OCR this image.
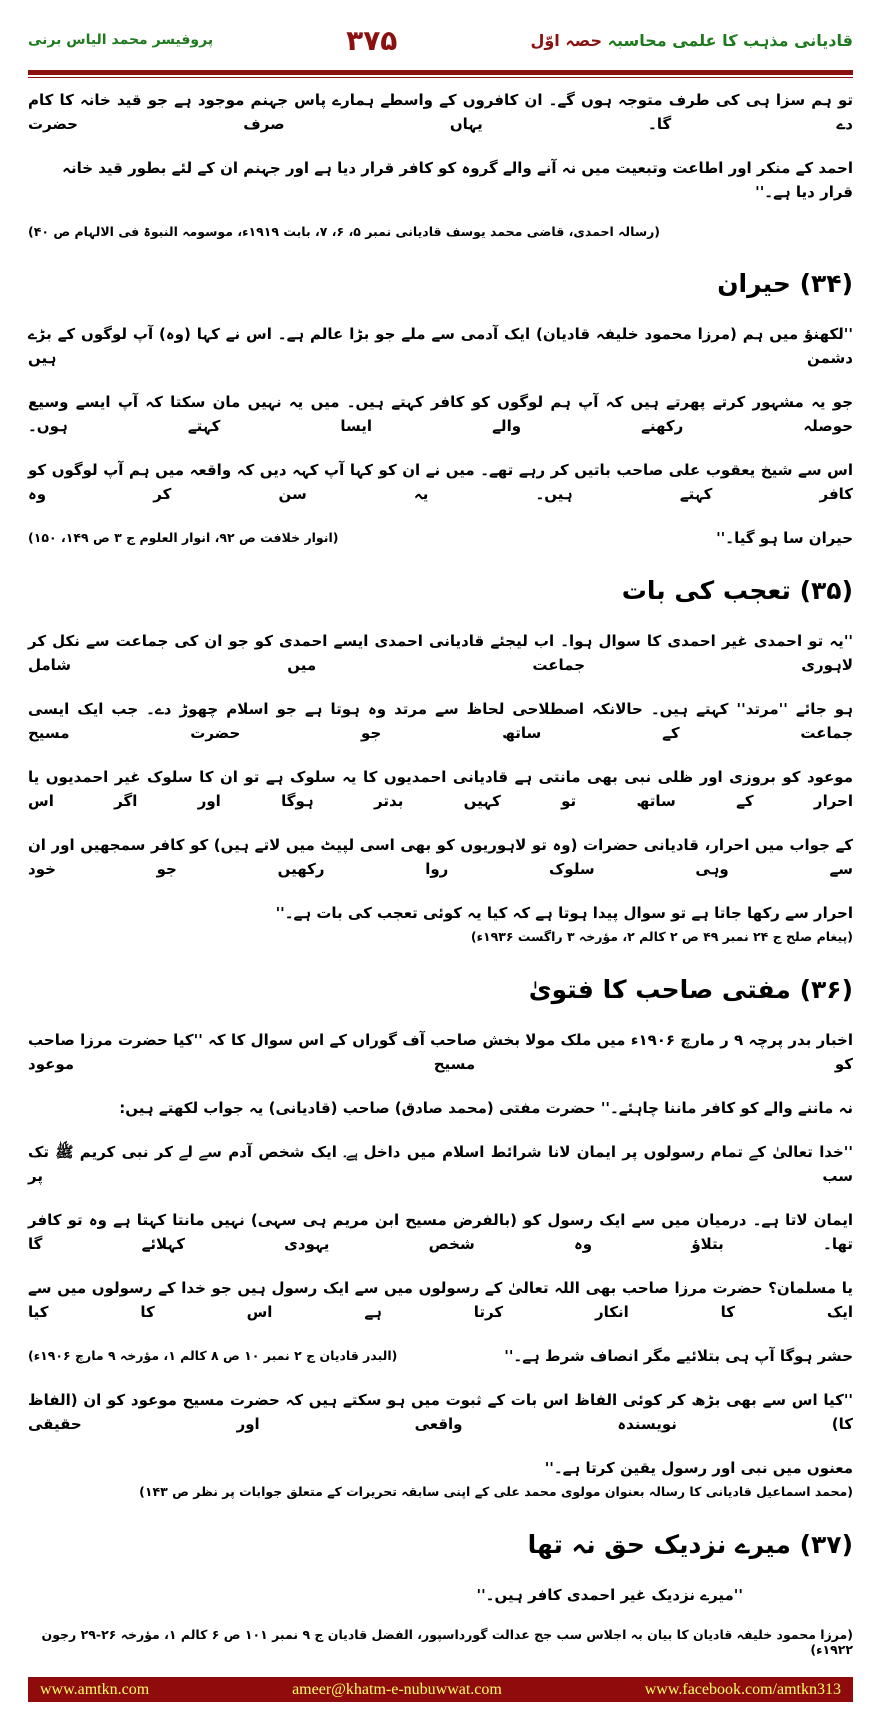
قادیانی مذہب کا علمی محاسبہ حصہ اوّل
۳۷۵
پروفیسر محمد الیاس برنی
تو ہم سزا ہی کی طرف متوجہ ہوں گے۔ ان کافروں کے واسطے ہمارے پاس جہنم موجود ہے جو قید خانہ کا کام دے گا۔ یہاں صرف حضرت
احمد کے منکر اور اطاعت وتبعیت میں نہ آنے والے گروہ کو کافر قرار دیا ہے اور جہنم ان کے لئے بطور قید خانہ قرار دیا ہے۔''
(رسالہ احمدی، قاضی محمد یوسف قادیانی نمبر ۵، ۶، ۷، بابت ۱۹۱۹ء، موسومہ النبوۃ فی الالہام ص ۴۰)
(۳۴) حیران
''لکھنؤ میں ہم (مرزا محمود خلیفہ قادیان) ایک آدمی سے ملے جو بڑا عالم ہے۔ اس نے کہا (وہ) آپ لوگوں کے بڑے دشمن ہیں
جو یہ مشہور کرتے پھرتے ہیں کہ آپ ہم لوگوں کو کافر کہتے ہیں۔ میں یہ نہیں مان سکتا کہ آپ ایسے وسیع حوصلہ رکھنے والے ایسا کہتے ہوں۔
اس سے شیخ یعقوب علی صاحب باتیں کر رہے تھے۔ میں نے ان کو کہا آپ کہہ دیں کہ واقعہ میں ہم آپ لوگوں کو کافر کہتے ہیں۔ یہ سن کر وہ
حیران سا ہو گیا۔''
(انوار خلافت ص ۹۲، انوار العلوم ج ۳ ص ۱۴۹، ۱۵۰)
(۳۵) تعجب کی بات
''یہ تو احمدی غیر احمدی کا سوال ہوا۔ اب لیجئے قادیانی احمدی ایسے احمدی کو جو ان کی جماعت سے نکل کر لاہوری جماعت میں شامل
ہو جائے ''مرتد'' کہتے ہیں۔ حالانکہ اصطلاحی لحاظ سے مرتد وہ ہوتا ہے جو اسلام چھوڑ دے۔ جب ایک ایسی جماعت کے ساتھ جو حضرت مسیح
موعود کو بروزی اور ظلی نبی بھی مانتی ہے قادیانی احمدیوں کا یہ سلوک ہے تو ان کا سلوک غیر احمدیوں یا احرار کے ساتھ تو کہیں بدتر ہوگا اور اگر اس
کے جواب میں احرار، قادیانی حضرات (وہ تو لاہوریوں کو بھی اسی لپیٹ میں لاتے ہیں) کو کافر سمجھیں اور ان سے وہی سلوک روا رکھیں جو خود
احرار سے رکھا جاتا ہے تو سوال پیدا ہوتا ہے کہ کیا یہ کوئی تعجب کی بات ہے۔''
(پیغام صلح ج ۲۴ نمبر ۴۹ ص ۲ کالم ۲، مؤرخہ ۳ راگست ۱۹۳۶ء)
(۳۶) مفتی صاحب کا فتویٰ
اخبار بدر پرچہ ۹ ر مارچ ۱۹۰۶ء میں ملک مولا بخش صاحب آف گوراں کے اس سوال کا کہ ''کیا حضرت مرزا صاحب کو مسیح موعود
نہ ماننے والے کو کافر ماننا چاہئے۔'' حضرت مفتی (محمد صادق) صاحب (قادیانی) یہ جواب لکھتے ہیں:
''خدا تعالیٰ کے تمام رسولوں پر ایمان لانا شرائط اسلام میں داخل ہے۔ ایک شخص آدم سے لے کر نبی کریم ﷺ تک سب پر
ایمان لاتا ہے۔ درمیان میں سے ایک رسول کو (بالفرض مسیح ابن مریم ہی سہی) نہیں مانتا کہتا ہے وہ تو کافر تھا۔ بتلاؤ وہ شخص یہودی کہلائے گا
یا مسلمان؟ حضرت مرزا صاحب بھی اللہ تعالیٰ کے رسولوں میں سے ایک رسول ہیں جو خدا کے رسولوں میں سے ایک کا انکار کرتا ہے اس کا کیا
حشر ہوگا آپ ہی بتلائیے مگر انصاف شرط ہے۔''
(البدر قادیان ج ۲ نمبر ۱۰ ص ۸ کالم ۱، مؤرخہ ۹ مارچ ۱۹۰۶ء)
''کیا اس سے بھی بڑھ کر کوئی الفاظ اس بات کے ثبوت میں ہو سکتے ہیں کہ حضرت مسیح موعود کو ان (الفاظ کا) نویسندہ واقعی اور حقیقی
معنوں میں نبی اور رسول یقین کرتا ہے۔''
(محمد اسماعیل قادیانی کا رسالہ بعنوان مولوی محمد علی کے اپنی سابقہ تحریرات کے متعلق جوابات پر نظر ص ۱۴۳)
(۳۷) میرے نزدیک حق نہ تھا
''میرے نزدیک غیر احمدی کافر ہیں۔''
(مرزا محمود خلیفہ قادیان کا بیان بہ اجلاس سب جج عدالت گورداسپور، الفضل قادیان ج ۹ نمبر ۱۰۱ ص ۶ کالم ۱، مؤرخہ ۲۶-۲۹ رجون ۱۹۲۲ء)
www.amtkn.com	ameer@khatm-e-nubuwwat.com	www.facebook.com/amtkn313
